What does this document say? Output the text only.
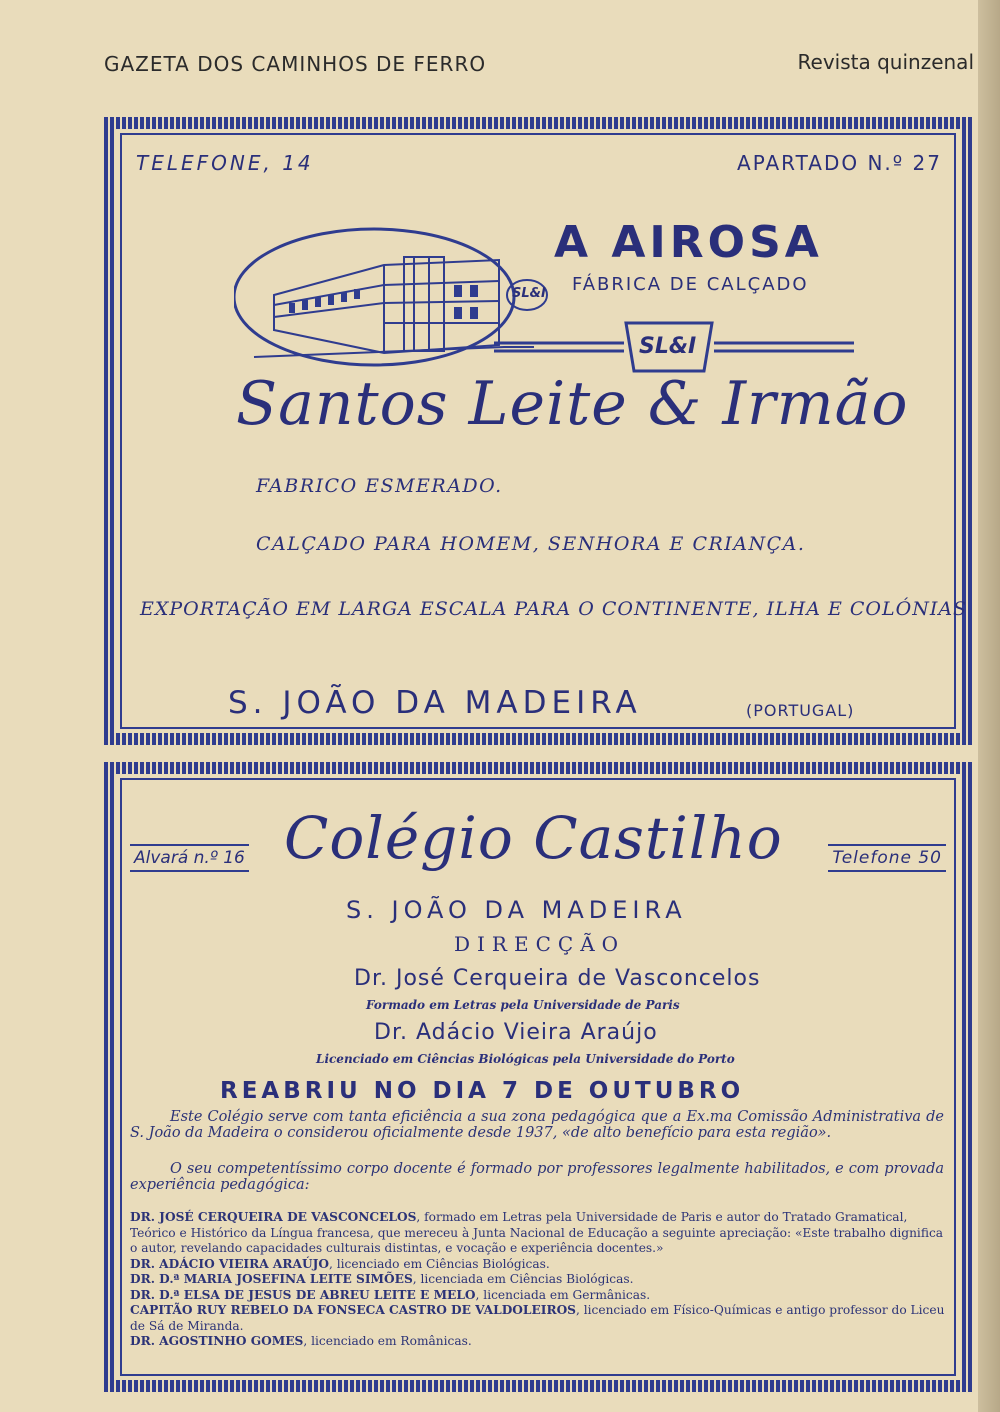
GAZETA DOS CAMINHOS DE FERRO	Revista quinzenal
TELEFONE, 14	APARTADO N.º 27
SL&I
SL&I
A AIROSA
FÁBRICA DE CALÇADO
Santos Leite & Irmão
FABRICO ESMERADO.
CALÇADO PARA HOMEM, SENHORA E CRIANÇA.
EXPORTAÇÃO EM LARGA ESCALA PARA O CONTINENTE, ILHA E COLÓNIAS
S. JOÃO DA MADEIRA	(PORTUGAL)
Alvará n.º 16	Telefone 50
Colégio Castilho
S. JOÃO DA MADEIRA
DIRECÇÃO
Dr. José Cerqueira de Vasconcelos
Formado em Letras pela Universidade de Paris
Dr. Adácio Vieira Araújo
Licenciado em Ciências Biológicas pela Universidade do Porto
REABRIU NO DIA 7 DE OUTUBRO
Este Colégio serve com tanta eficiência a sua zona pedagógica que a Ex.ma Comissão Administrativa de S. João da Madeira o considerou oficialmente desde 1937, «de alto benefício para esta região».
O seu competentíssimo corpo docente é formado por professores legalmente habilitados, e com provada experiência pedagógica:
DR. JOSÉ CERQUEIRA DE VASCONCELOS, formado em Letras pela Universidade de Paris e autor do Tratado Gramatical, Teórico e Histórico da Língua francesa, que mereceu à Junta Nacional de Educação a seguinte apreciação: «Este trabalho dignifica o autor, revelando capacidades culturais distintas, e vocação e experiência docentes.»
DR. ADÁCIO VIEIRA ARAÚJO, licenciado em Ciências Biológicas.
DR. D.ª MARIA JOSEFINA LEITE SIMÕES, licenciada em Ciências Biológicas.
DR. D.ª ELSA DE JESUS DE ABREU LEITE E MELO, licenciada em Germânicas.
CAPITÃO RUY REBELO DA FONSECA CASTRO DE VALDOLEIROS, licenciado em Físico-Químicas e antigo professor do Liceu de Sá de Miranda.
DR. AGOSTINHO GOMES, licenciado em Românicas.
